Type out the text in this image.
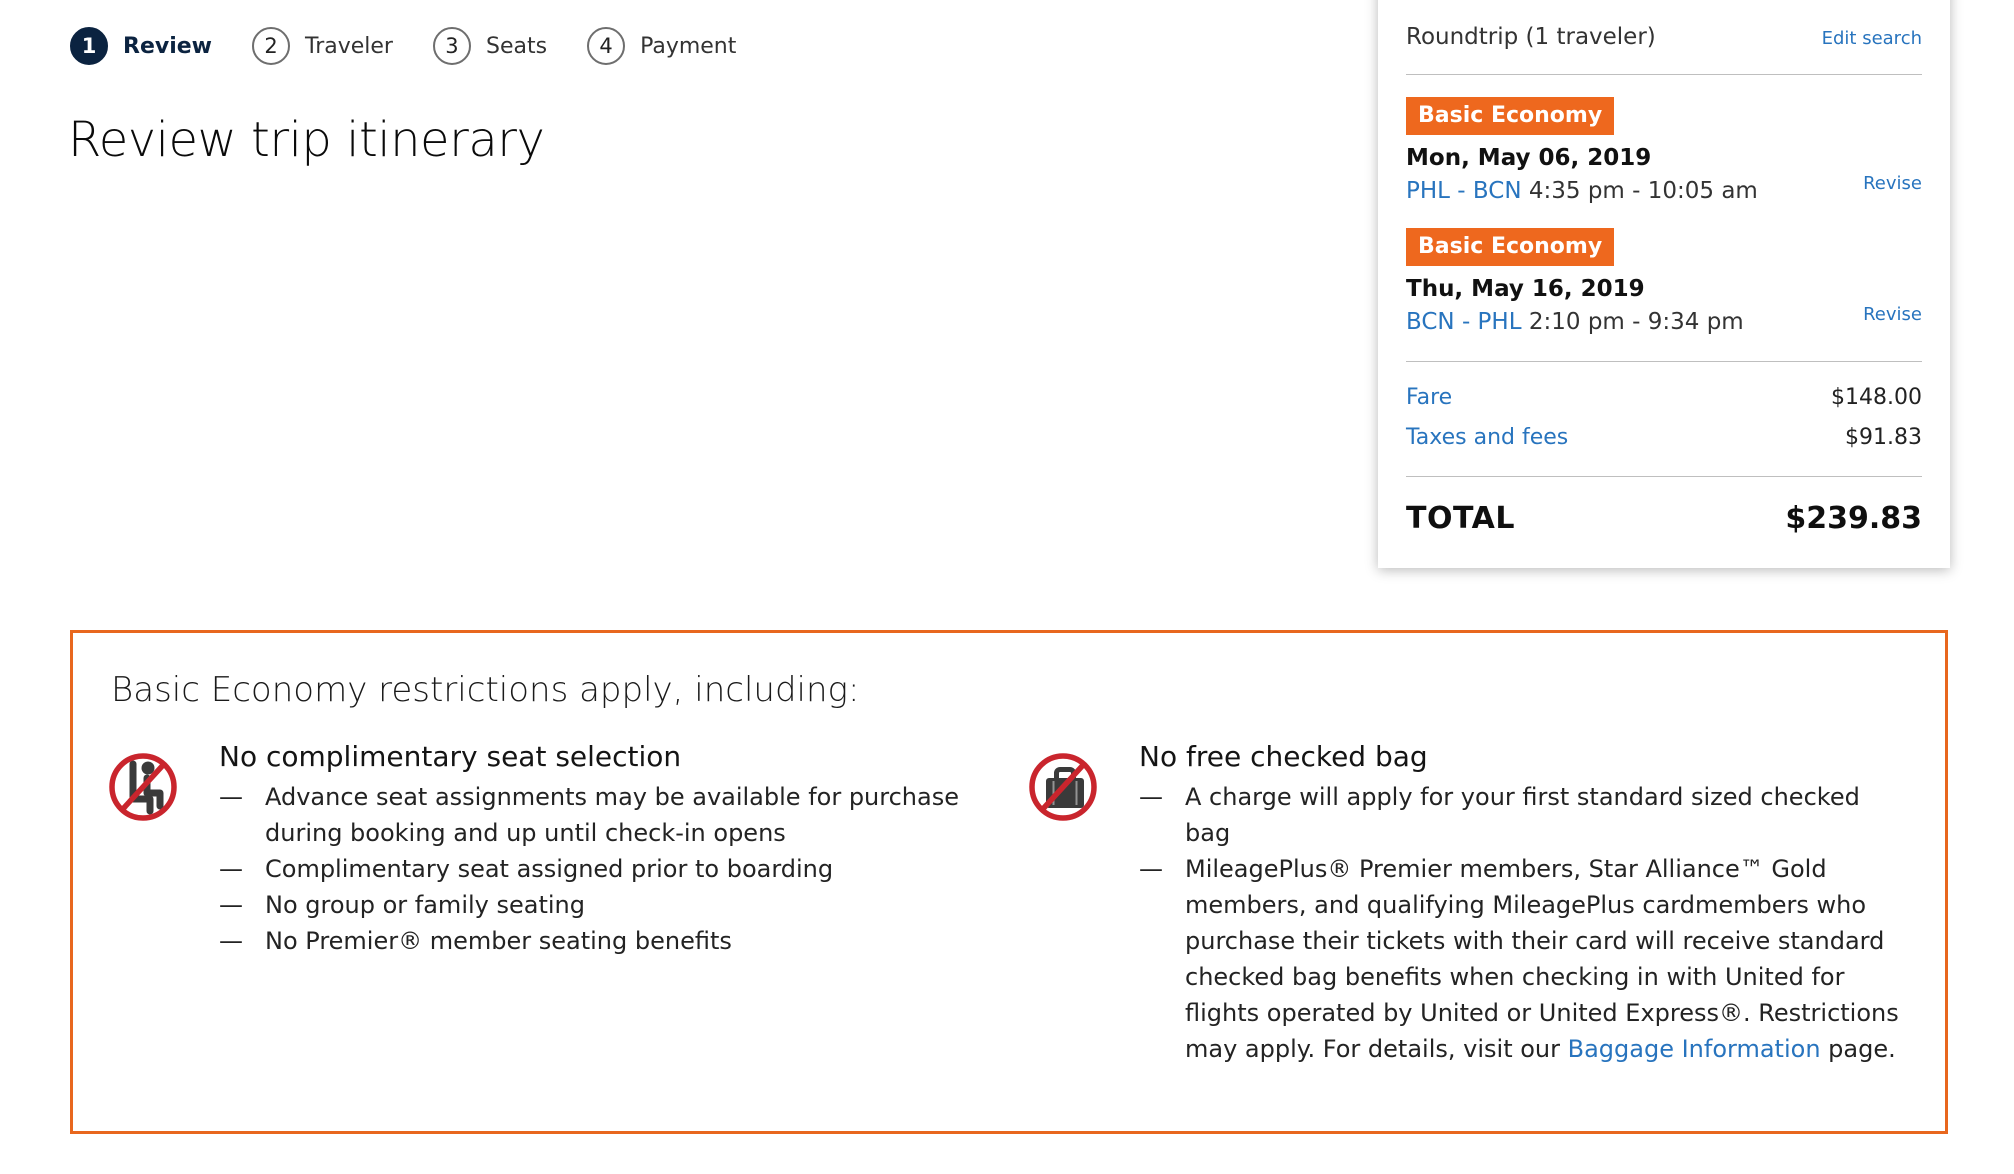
1	Review	2	Traveler	3	Seats	4	Payment
Review trip itinerary
Roundtrip (1 traveler)	Edit search
Basic Economy
Mon, May 06, 2019
PHL - BCN 4:35 pm - 10:05 am	Revise
Basic Economy
Thu, May 16, 2019
BCN - PHL 2:10 pm - 9:34 pm	Revise
Fare	$148.00
Taxes and fees	$91.83
TOTAL	$239.83
Basic Economy restrictions apply, including:
No complimentary seat selection
— Advance seat assignments may be available for purchase during booking and up until check-in opens
— Complimentary seat assigned prior to boarding
— No group or family seating
— No Premier® member seating benefits
No free checked bag
— A charge will apply for your first standard sized checked bag
— MileagePlus® Premier members, Star Alliance™ Gold members, and qualifying MileagePlus cardmembers who purchase their tickets with their card will receive standard checked bag benefits when checking in with United for flights operated by United or United Express®. Restrictions may apply. For details, visit our Baggage Information page.
